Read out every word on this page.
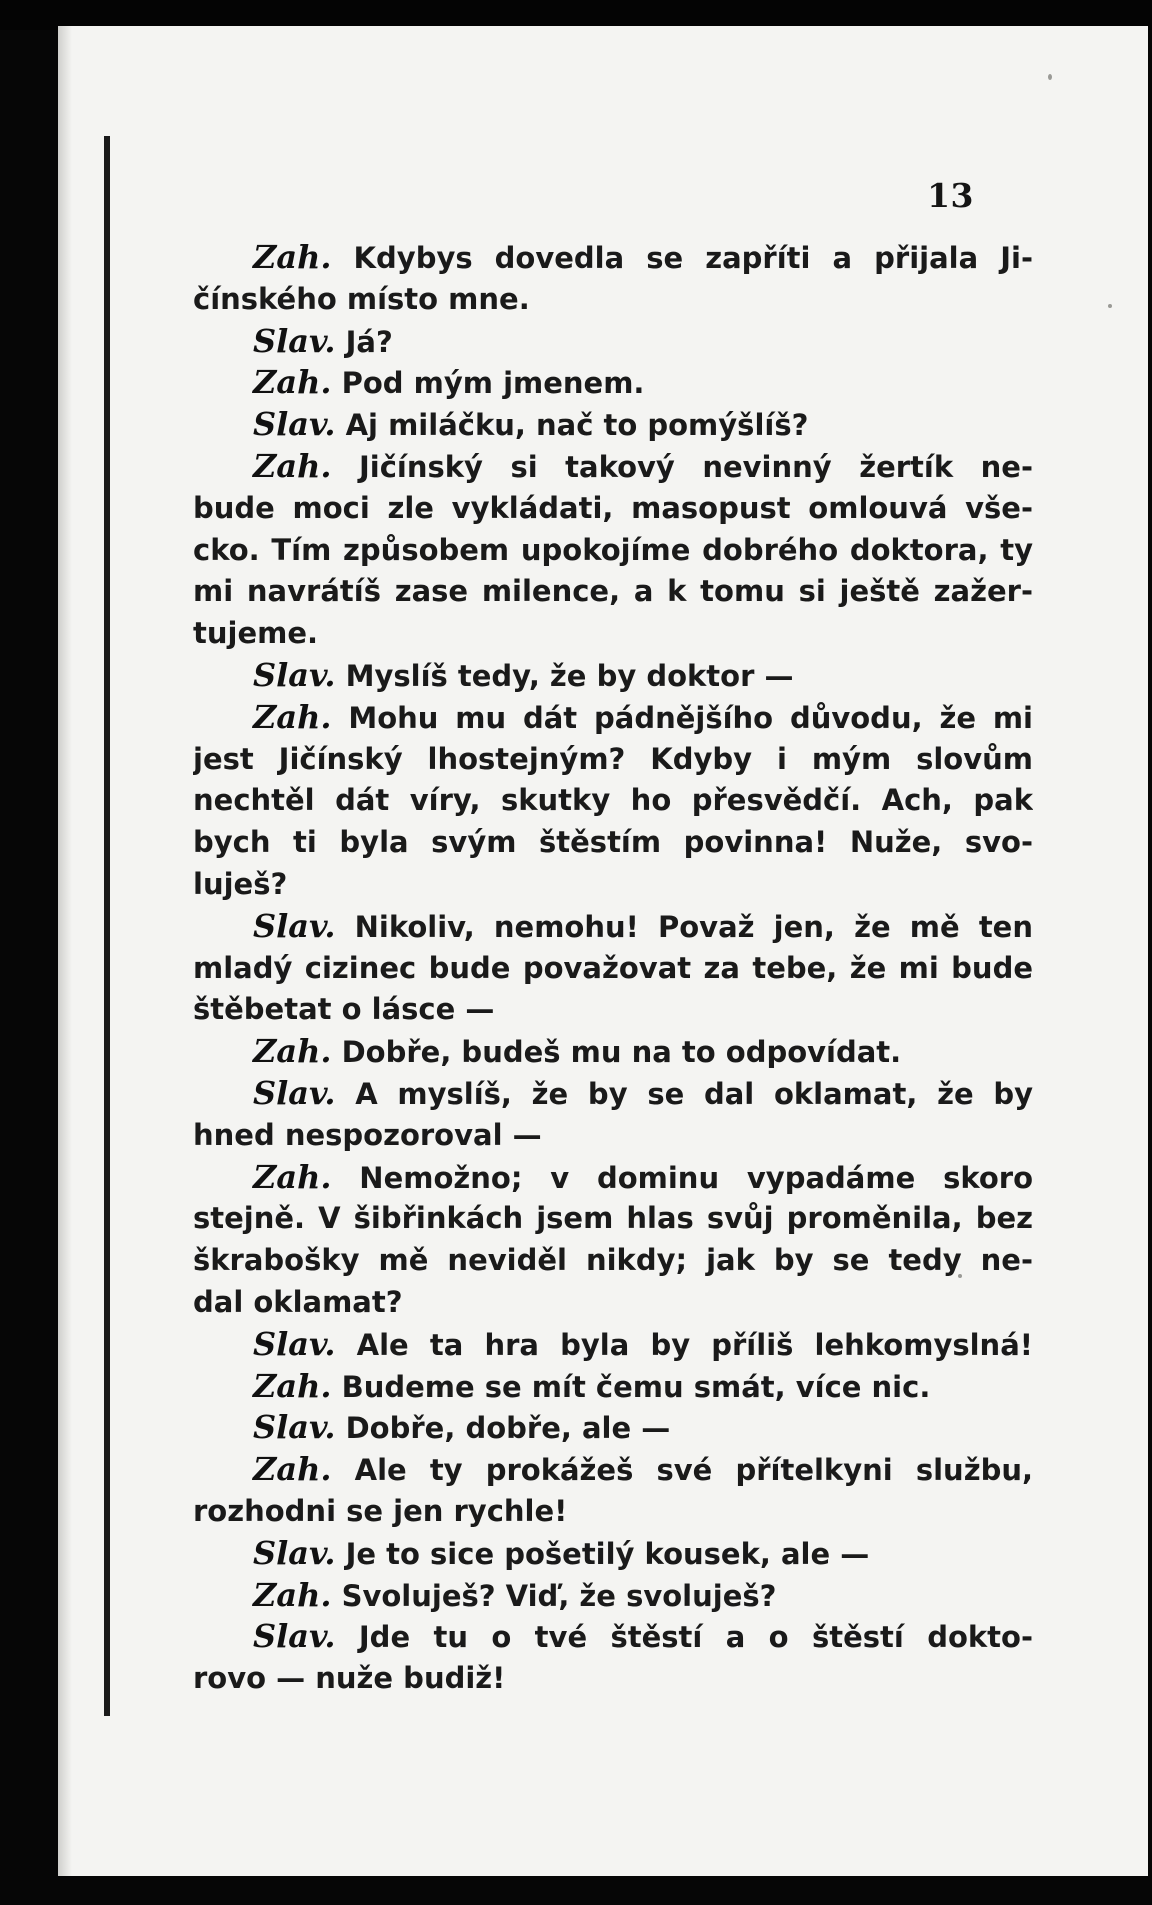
13
Zah. Kdybys dovedla se zapříti a přijala Ji-
čínského místo mne.
Slav. Já?
Zah. Pod mým jmenem.
Slav. Aj miláčku, nač to pomýšlíš?
Zah. Jičínský si takový nevinný žertík ne-
bude moci zle vykládati, masopust omlouvá vše-
cko. Tím způsobem upokojíme dobrého doktora, ty
mi navrátíš zase milence, a k tomu si ještě zažer-
tujeme.
Slav. Myslíš tedy, že by doktor —
Zah. Mohu mu dát pádnějšího důvodu, že mi
jest Jičínský lhostejným? Kdyby i mým slovům
nechtěl dát víry, skutky ho přesvědčí. Ach, pak
bych ti byla svým štěstím povinna! Nuže, svo-
luješ?
Slav. Nikoliv, nemohu! Považ jen, že mě ten
mladý cizinec bude považovat za tebe, že mi bude
štěbetat o lásce —
Zah. Dobře, budeš mu na to odpovídat.
Slav. A myslíš, že by se dal oklamat, že by
hned nespozoroval —
Zah. Nemožno; v dominu vypadáme skoro
stejně. V šibřinkách jsem hlas svůj proměnila, bez
škrabošky mě neviděl nikdy; jak by se tedy ne-
dal oklamat?
Slav. Ale ta hra byla by příliš lehkomyslná!
Zah. Budeme se mít čemu smát, více nic.
Slav. Dobře, dobře, ale —
Zah. Ale ty prokážeš své přítelkyni službu,
rozhodni se jen rychle!
Slav. Je to sice pošetilý kousek, ale —
Zah. Svoluješ? Viď, že svoluješ?
Slav. Jde tu o tvé štěstí a o štěstí dokto-
rovo — nuže budiž!
